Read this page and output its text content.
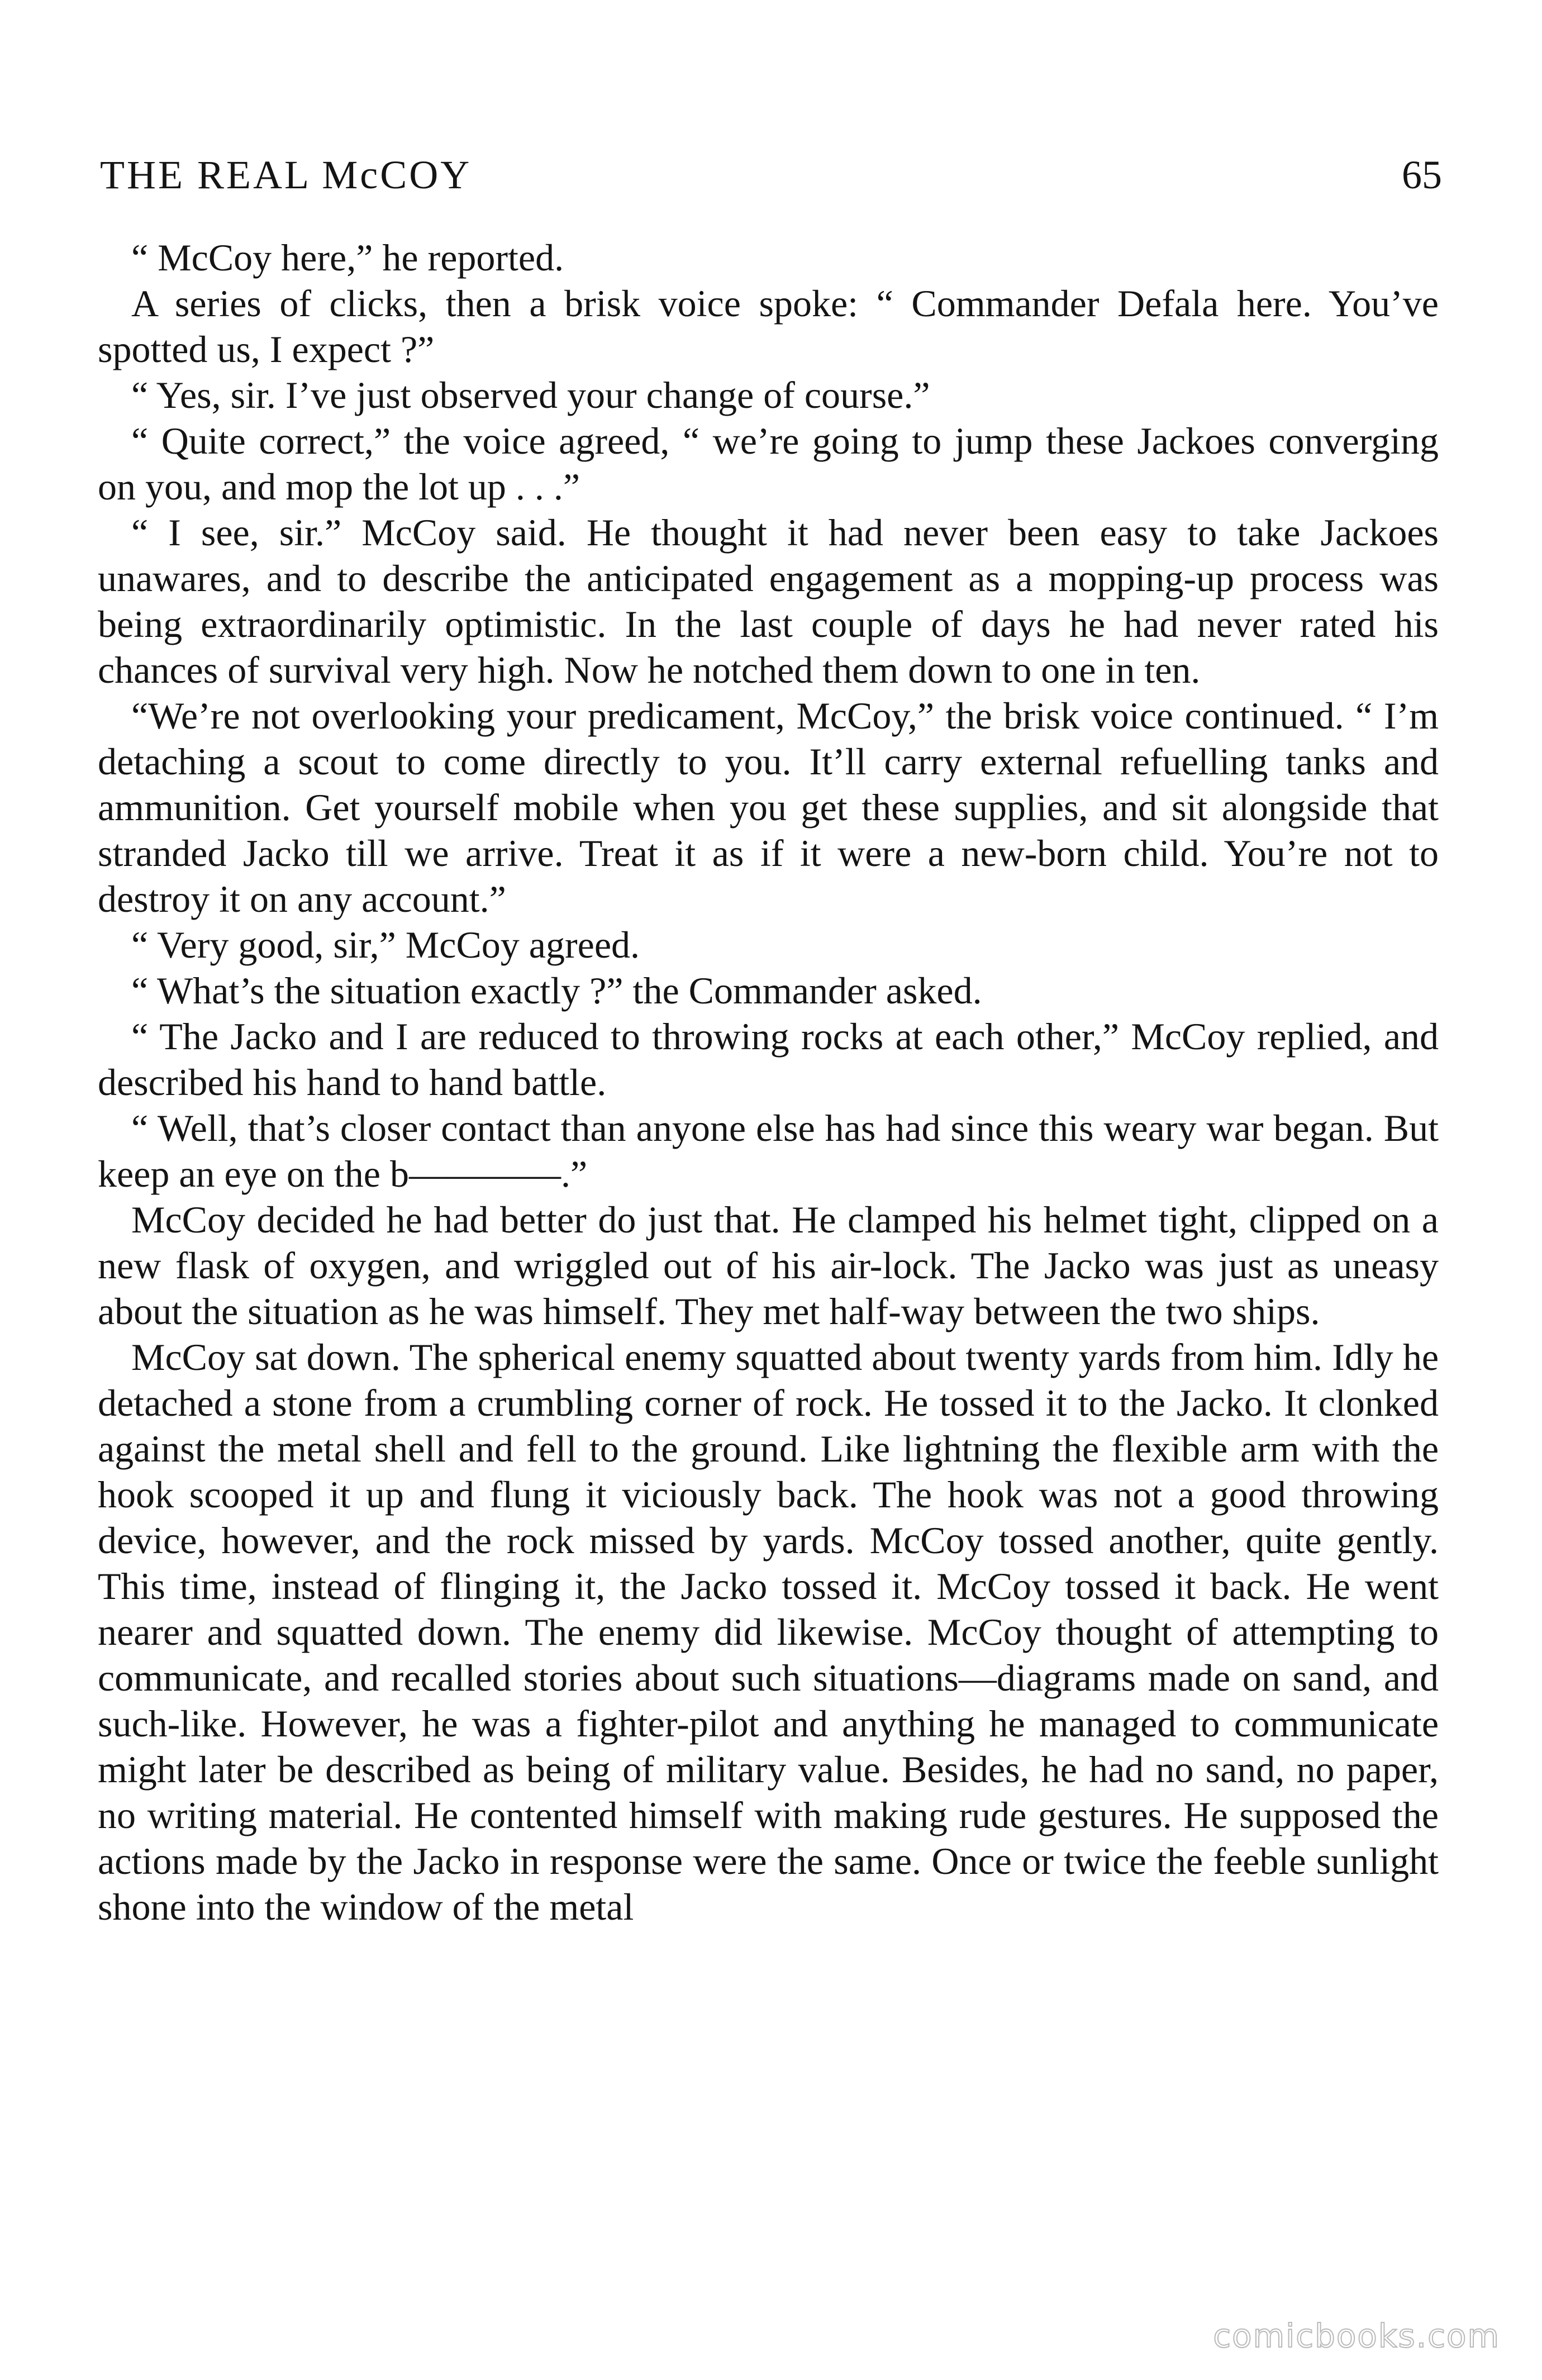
THE REAL McCOY	65

“ McCoy here,” he reported.

A series of clicks, then a brisk voice spoke: “ Commander Defala here. You’ve spotted us, I expect ?”

“ Yes, sir. I’ve just observed your change of course.”

“ Quite correct,” the voice agreed, “ we’re going to jump these Jackoes converging on you, and mop the lot up . . .”

“ I see, sir.” McCoy said. He thought it had never been easy to take Jackoes unawares, and to describe the anticipated engagement as a mopping-up process was being extraordinarily optimistic. In the last couple of days he had never rated his chances of survival very high. Now he notched them down to one in ten.

“We’re not overlooking your predicament, McCoy,” the brisk voice continued. “ I’m detaching a scout to come directly to you. It’ll carry external refuelling tanks and ammunition. Get yourself mobile when you get these supplies, and sit alongside that stranded Jacko till we arrive. Treat it as if it were a new-born child. You’re not to destroy it on any account.”

“ Very good, sir,” McCoy agreed.

“ What’s the situation exactly ?” the Commander asked.

“ The Jacko and I are reduced to throwing rocks at each other,” McCoy replied, and described his hand to hand battle.

“ Well, that’s closer contact than anyone else has had since this weary war began. But keep an eye on the b————.”

McCoy decided he had better do just that. He clamped his helmet tight, clipped on a new flask of oxygen, and wriggled out of his air-lock. The Jacko was just as uneasy about the situation as he was himself. They met half-way between the two ships.

McCoy sat down. The spherical enemy squatted about twenty yards from him. Idly he detached a stone from a crumbling corner of rock. He tossed it to the Jacko. It clonked against the metal shell and fell to the ground. Like lightning the flexible arm with the hook scooped it up and flung it viciously back. The hook was not a good throwing device, however, and the rock missed by yards. McCoy tossed another, quite gently. This time, instead of flinging it, the Jacko tossed it. McCoy tossed it back. He went nearer and squatted down. The enemy did likewise. McCoy thought of attempting to communicate, and recalled stories about such situations—diagrams made on sand, and such-like. However, he was a fighter-pilot and anything he managed to communicate might later be described as being of military value. Besides, he had no sand, no paper, no writing material. He contented himself with making rude gestures. He supposed the actions made by the Jacko in response were the same. Once or twice the feeble sunlight shone into the window of the metal

comicbooks.com
